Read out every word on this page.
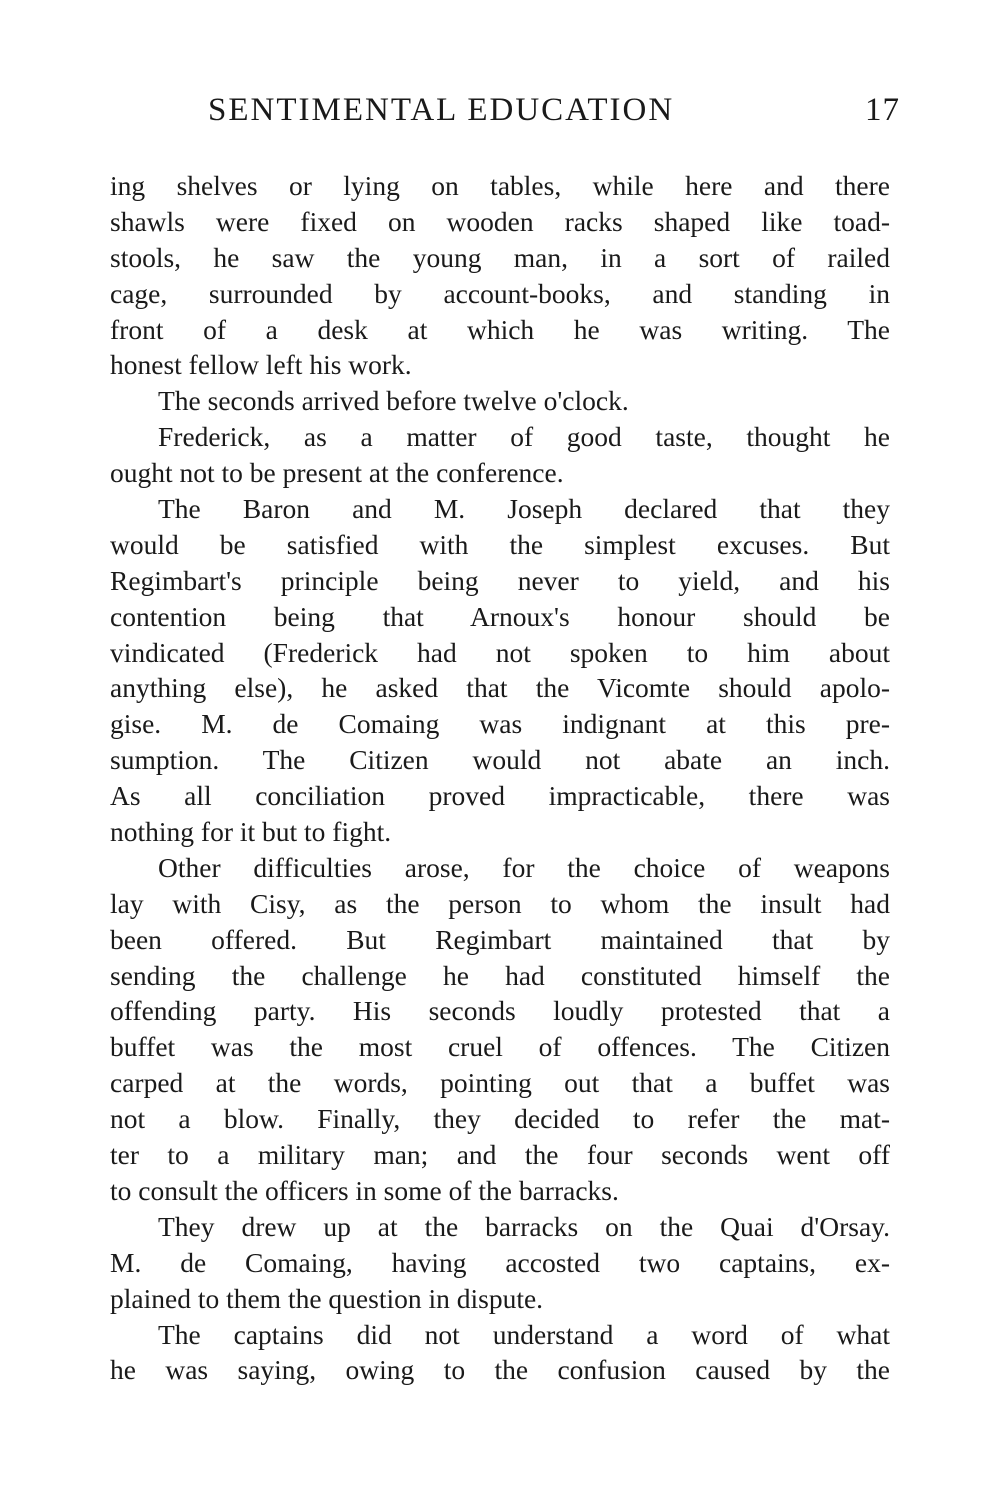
SENTIMENTAL EDUCATION	17
ing shelves or lying on tables, while here and there
shawls were fixed on wooden racks shaped like toad-
stools, he saw the young man, in a sort of railed
cage, surrounded by account-books, and standing in
front of a desk at which he was writing. The
honest fellow left his work.
The seconds arrived before twelve o'clock.
Frederick, as a matter of good taste, thought he
ought not to be present at the conference.
The Baron and M. Joseph declared that they
would be satisfied with the simplest excuses. But
Regimbart's principle being never to yield, and his
contention being that Arnoux's honour should be
vindicated (Frederick had not spoken to him about
anything else), he asked that the Vicomte should apolo-
gise. M. de Comaing was indignant at this pre-
sumption. The Citizen would not abate an inch.
As all conciliation proved impracticable, there was
nothing for it but to fight.
Other difficulties arose, for the choice of weapons
lay with Cisy, as the person to whom the insult had
been offered. But Regimbart maintained that by
sending the challenge he had constituted himself the
offending party. His seconds loudly protested that a
buffet was the most cruel of offences. The Citizen
carped at the words, pointing out that a buffet was
not a blow. Finally, they decided to refer the mat-
ter to a military man; and the four seconds went off
to consult the officers in some of the barracks.
They drew up at the barracks on the Quai d'Orsay.
M. de Comaing, having accosted two captains, ex-
plained to them the question in dispute.
The captains did not understand a word of what
he was saying, owing to the confusion caused by the
